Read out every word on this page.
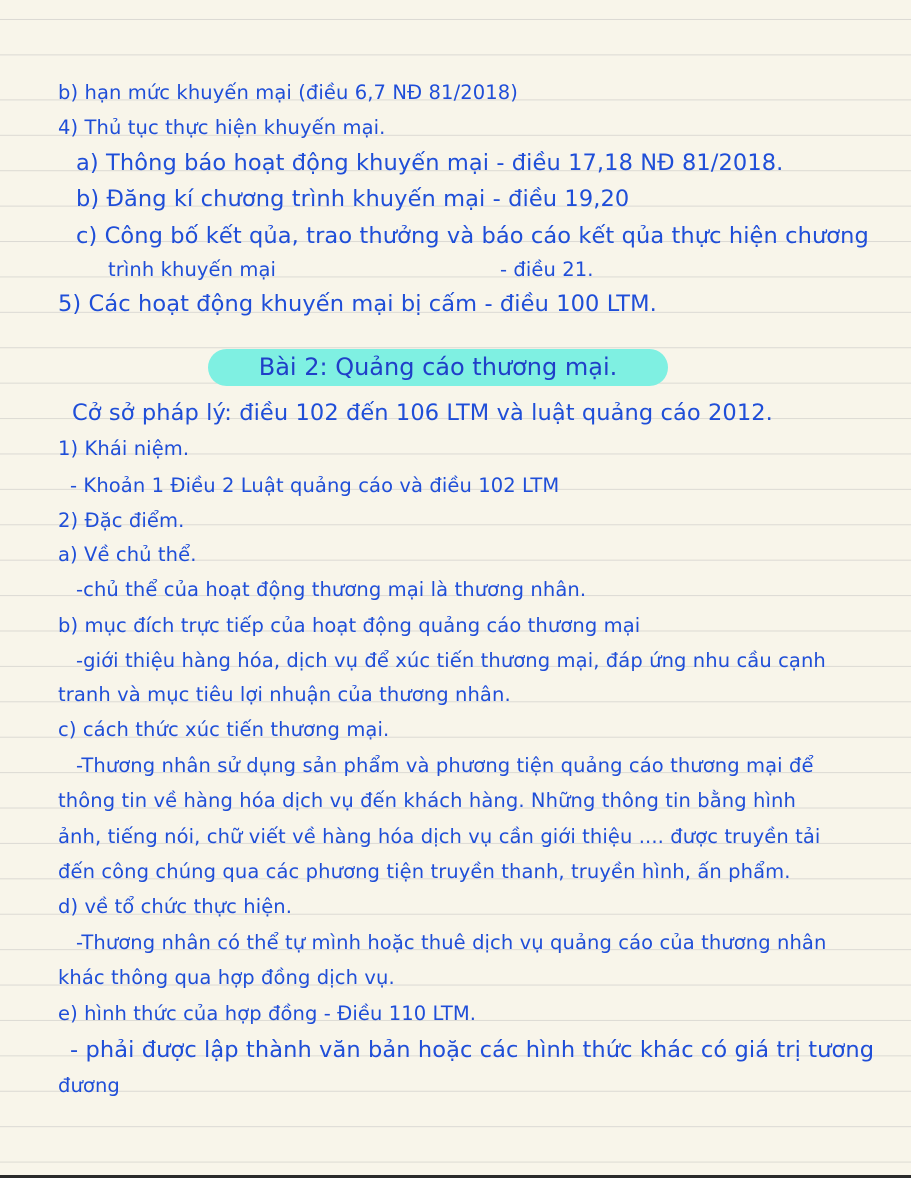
b) hạn mức khuyến mại (điều 6,7 NĐ 81/2018)
4) Thủ tục thực hiện khuyến mại.
a) Thông báo hoạt động khuyến mại - điều 17,18 NĐ 81/2018.
b) Đăng kí chương trình khuyến mại - điều 19,20
c) Công bố kết qủa, trao thưởng và báo cáo kết qủa thực hiện chương
trình khuyến mại	- điều 21.
5) Các hoạt động khuyến mại bị cấm - điều 100 LTM.
Bài 2: Quảng cáo thương mại.
Cở sở pháp lý: điều 102 đến 106 LTM và luật quảng cáo 2012.
1) Khái niệm.
- Khoản 1 Điều 2 Luật quảng cáo và điều 102 LTM
2) Đặc điểm.
a) Về chủ thể.
-chủ thể của hoạt động thương mại là thương nhân.
b) mục đích trực tiếp của hoạt động quảng cáo thương mại
-giới thiệu hàng hóa, dịch vụ để xúc tiến thương mại, đáp ứng nhu cầu cạnh
tranh và mục tiêu lợi nhuận của thương nhân.
c) cách thức xúc tiến thương mại.
-Thương nhân sử dụng sản phẩm và phương tiện quảng cáo thương mại để
thông tin về hàng hóa dịch vụ đến khách hàng. Những thông tin bằng hình
ảnh, tiếng nói, chữ viết về hàng hóa dịch vụ cần giới thiệu .... được truyền tải
đến công chúng qua các phương tiện truyền thanh, truyền hình, ấn phẩm.
d) về tổ chức thực hiện.
-Thương nhân có thể tự mình hoặc thuê dịch vụ quảng cáo của thương nhân
khác thông qua hợp đồng dịch vụ.
e) hình thức của hợp đồng - Điều 110 LTM.
- phải được lập thành văn bản hoặc các hình thức khác có giá trị tương
đương
